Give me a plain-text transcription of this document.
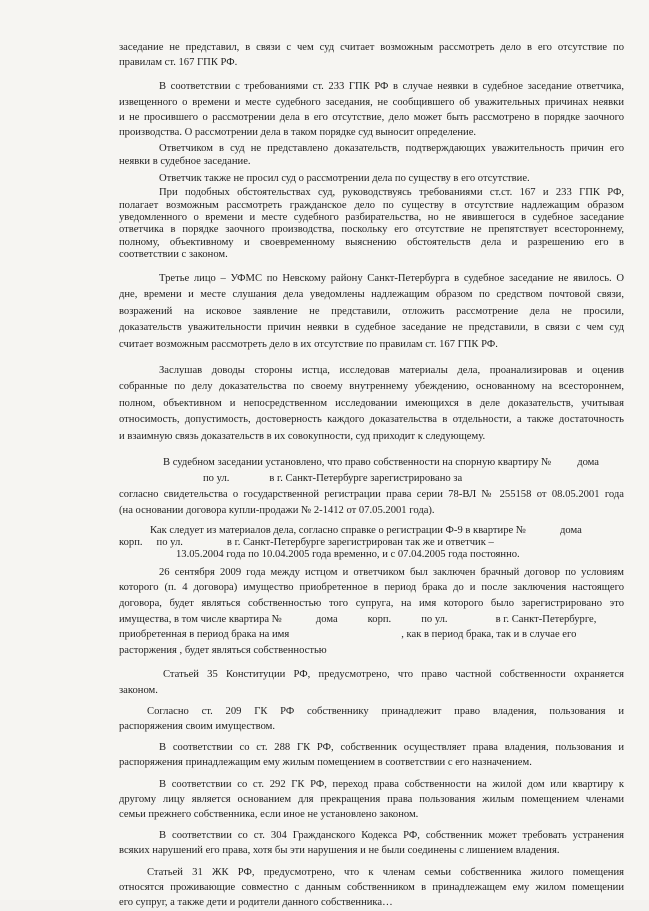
заседание не представил, в связи с чем суд считает возможным рассмотреть дело в его отсутствие по
правилам ст. 167 ГПК РФ.
В соответствии с требованиями ст. 233 ГПК РФ в случае неявки в судебное заседание ответчика,
извещенного о времени и месте судебного заседания, не сообщившего об уважительных причинах неявки
и не просившего о рассмотрении дела в его отсутствие, дело может быть рассмотрено в порядке заочного
производства. О рассмотрении дела в таком порядке суд выносит определение.
Ответчиком в суд не представлено доказательств, подтверждающих уважительность причин его
неявки в судебное заседание.
Ответчик также не просил суд о рассмотрении дела по существу в его отсутствие.
При подобных обстоятельствах суд, руководствуясь требованиями ст.ст. 167 и 233 ГПК РФ,
полагает возможным рассмотреть гражданское дело по существу в отсутствие надлежащим образом
уведомленного о времени и месте судебного разбирательства, но не явившегося в судебное заседание
ответчика в порядке заочного производства, поскольку его отсутствие не препятствует всестороннему,
полному, объективному и своевременному выяснению обстоятельств дела и разрешению его в
соответствии с законом.
Третье лицо – УФМС по Невскому району Санкт-Петербурга в судебное заседание не явилось. О
дне, времени и месте слушания дела уведомлены надлежащим образом по средством почтовой связи,
возражений на исковое заявление не представили, отложить рассмотрение дела не просили,
доказательств уважительности причин неявки в судебное заседание не представили, в связи с чем суд
считает возможным рассмотреть дело в их отсутствие по правилам ст. 167 ГПК РФ.
Заслушав доводы стороны истца, исследовав материалы дела, проанализировав и оценив
собранные по делу доказательства по своему внутреннему убеждению, основанному на всестороннем,
полном, объективном и непосредственном исследовании имеющихся в деле доказательств, учитывая
относимость, допустимость, достоверность каждого доказательства в отдельности, а также достаточность
и взаимную связь доказательств в их совокупности, суд приходит к следующему.
В судебном заседании установлено, что право собственности на спорную квартиру № дома
по ул.	в г. Санкт-Петербурге зарегистрировано за
согласно свидетельства о государственной регистрации права серии 78-ВЛ № 255158 от 08.05.2001 года
(на основании договора купли-продажи № 2-1412 от 07.05.2001 года).
Как следует из материалов дела, согласно справке о регистрации Ф-9 в квартире №	дома
корп. по ул.	в г. Санкт-Петербурге зарегистрирован так же и ответчик –
13.05.2004 года по 10.04.2005 года временно, и с 07.04.2005 года постоянно.
26 сентября 2009 года между истцом и ответчиком был заключен брачный договор по условиям
которого (п. 4 договора) имущество приобретенное в период брака до и после заключения настоящего
договора, будет являться собственностью того супруга, на имя которого было зарегистрировано это
имущества, в том числе квартира №	дома	корп.	по ул.	в г. Санкт-Петербурге,
приобретенная в период брака на имя	, как в период брака, так и в случае его
расторжения , будет являться собственностью
Статьей 35 Конституции РФ, предусмотрено, что право частной собственности охраняется
законом.
Согласно ст. 209 ГК РФ собственнику принадлежит право владения, пользования и
распоряжения своим имуществом.
В соответствии со ст. 288 ГК РФ, собственник осуществляет права владения, пользования и
распоряжения принадлежащим ему жилым помещением в соответствии с его назначением.
В соответствии со ст. 292 ГК РФ, переход права собственности на жилой дом или квартиру к
другому лицу является основанием для прекращения права пользования жилым помещением членами
семьи прежнего собственника, если иное не установлено законом.
В соответствии со ст. 304 Гражданского Кодекса РФ, собственник может требовать устранения
всяких нарушений его права, хотя бы эти нарушения и не были соединены с лишением владения.
Статьей 31 ЖК РФ, предусмотрено, что к членам семьи собственника жилого помещения
относятся проживающие совместно с данным собственником в принадлежащем ему жилом помещении
его супруг, а также дети и родители данного собственника…
